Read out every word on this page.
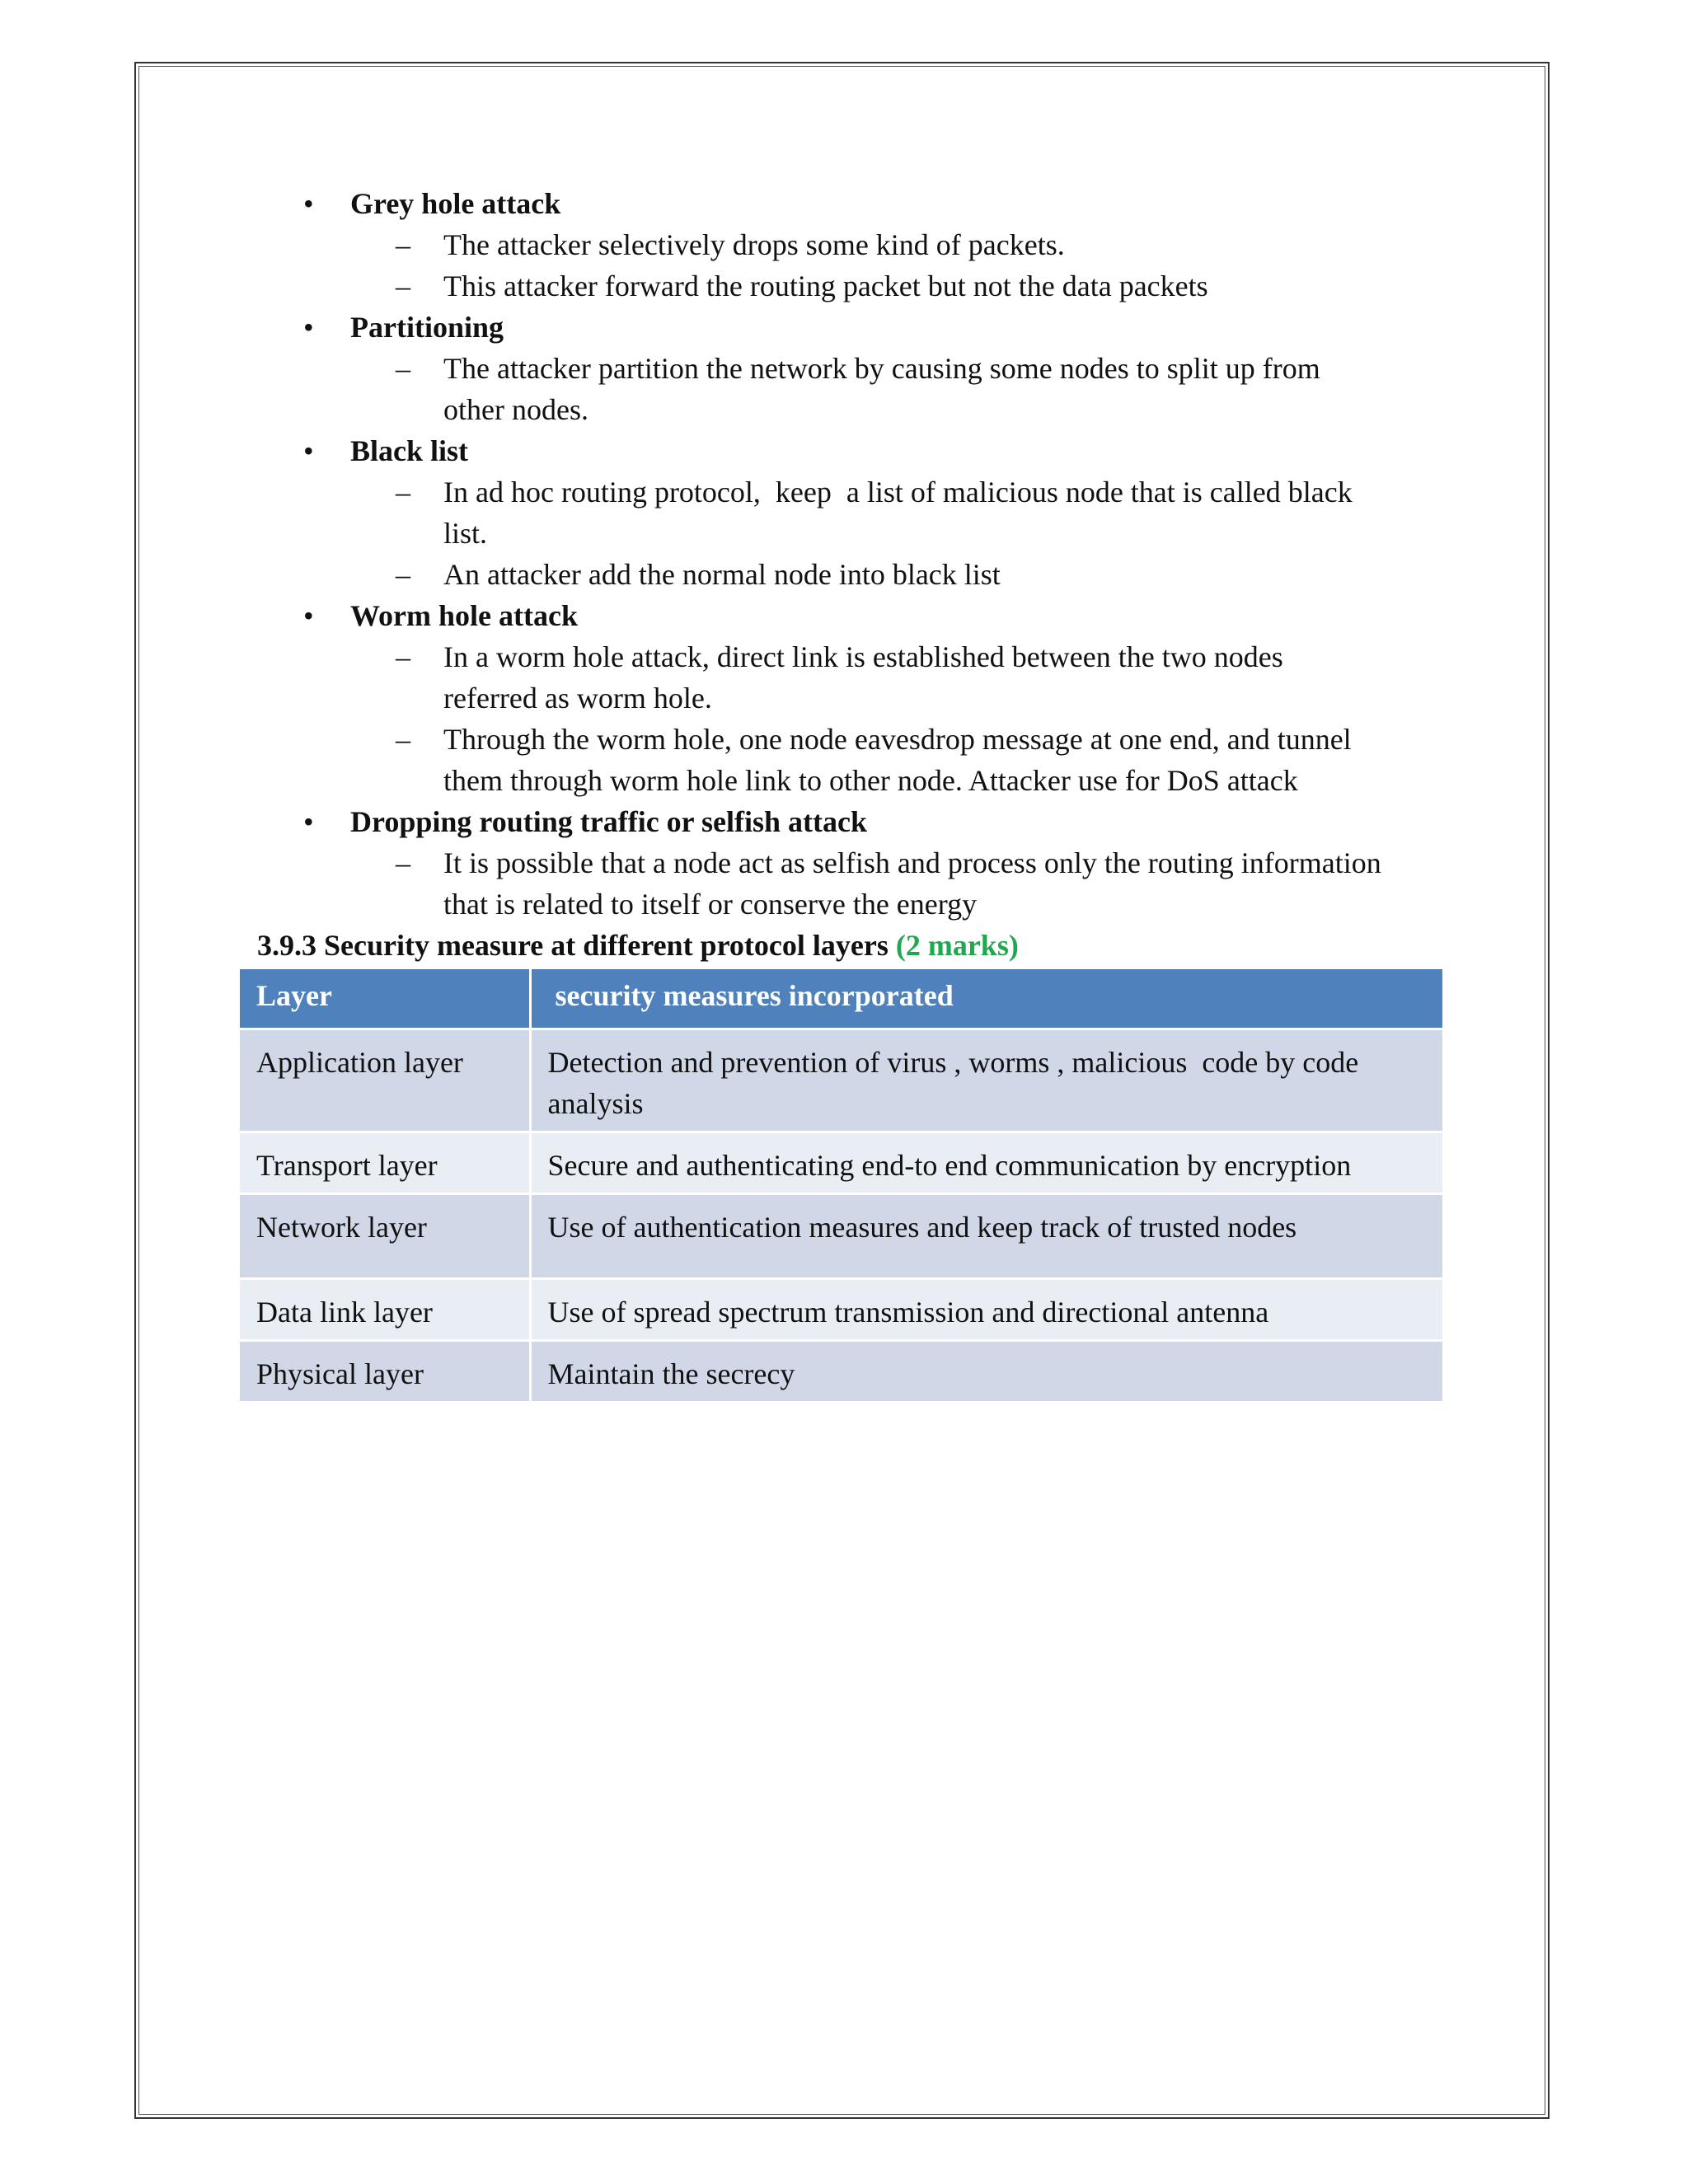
• Grey hole attack
– The attacker selectively drops some kind of packets.
– This attacker forward the routing packet but not the data packets
• Partitioning
– The attacker partition the network by causing some nodes to split up from
other nodes.
• Black list
– In ad hoc routing protocol,  keep  a list of malicious node that is called black
list.
– An attacker add the normal node into black list
• Worm hole attack
– In a worm hole attack, direct link is established between the two nodes
referred as worm hole.
– Through the worm hole, one node eavesdrop message at one end, and tunnel
them through worm hole link to other node. Attacker use for DoS attack
• Dropping routing traffic or selfish attack
– It is possible that a node act as selfish and process only the routing information
that is related to itself or conserve the energy
3.9.3 Security measure at different protocol layers (2 marks)
Layer	security measures incorporated
Application layer	Detection and prevention of virus , worms , malicious  code by code analysis
Transport layer	Secure and authenticating end-to end communication by encryption
Network layer	Use of authentication measures and keep track of trusted nodes
Data link layer	Use of spread spectrum transmission and directional antenna
Physical layer	Maintain the secrecy
